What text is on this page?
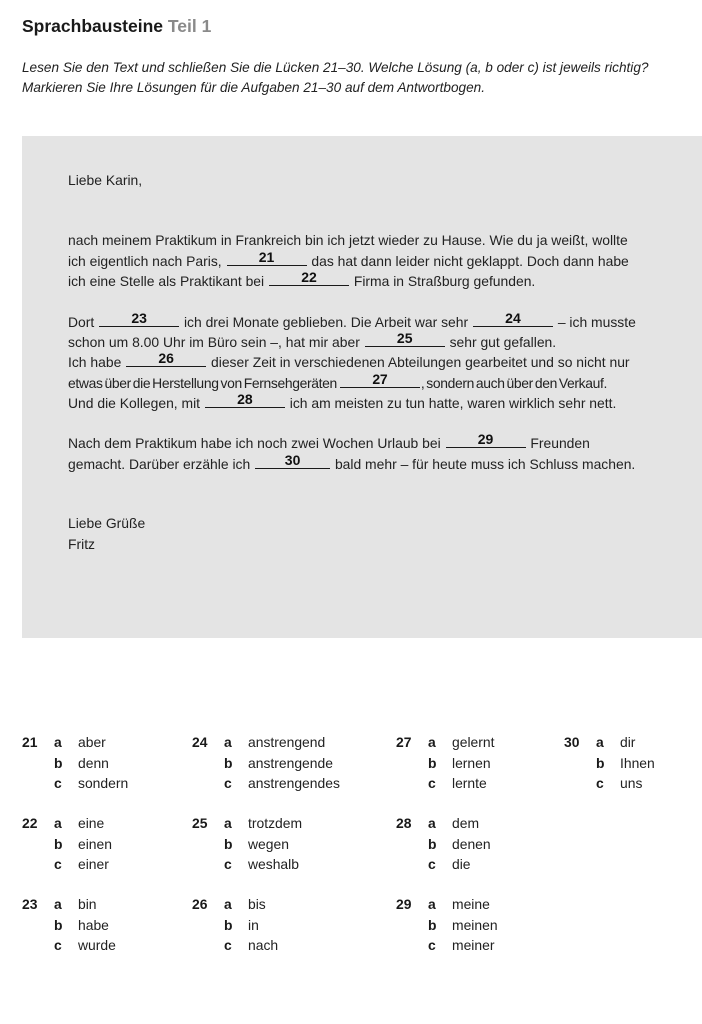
Sprachbausteine Teil 1
Lesen Sie den Text und schließen Sie die Lücken 21–30. Welche Lösung (a, b oder c) ist jeweils richtig?
Markieren Sie Ihre Lösungen für die Aufgaben 21–30 auf dem Antwortbogen.
Liebe Karin,
nach meinem Praktikum in Frankreich bin ich jetzt wieder zu Hause. Wie du ja weißt, wollte
ich eigentlich nach Paris,	21	das hat dann leider nicht geklappt. Doch dann habe
ich eine Stelle als Praktikant bei	22	Firma in Straßburg gefunden.
Dort	23	ich drei Monate geblieben. Die Arbeit war sehr	24	– ich musste
schon um 8.00 Uhr im Büro sein –, hat mir aber	25	sehr gut gefallen.
Ich habe	26	dieser Zeit in verschiedenen Abteilungen gearbeitet und so nicht nur
etwas über die Herstellung von Fernsehgeräten	27	, sondern auch über den Verkauf.
Und die Kollegen, mit	28	ich am meisten zu tun hatte, waren wirklich sehr nett.
Nach dem Praktikum habe ich noch zwei Wochen Urlaub bei	29	Freunden
gemacht. Darüber erzähle ich	30	bald mehr – für heute muss ich Schluss machen.
Liebe Grüße
Fritz
21 a aber
b denn
c sondern
22 a eine
b einen
c einer
23 a bin
b habe
c wurde
24 a anstrengend
b anstrengende
c anstrengendes
25 a trotzdem
b wegen
c weshalb
26 a bis
b in
c nach
27 a gelernt
b lernen
c lernte
28 a dem
b denen
c die
29 a meine
b meinen
c meiner
30 a dir
b Ihnen
c uns
